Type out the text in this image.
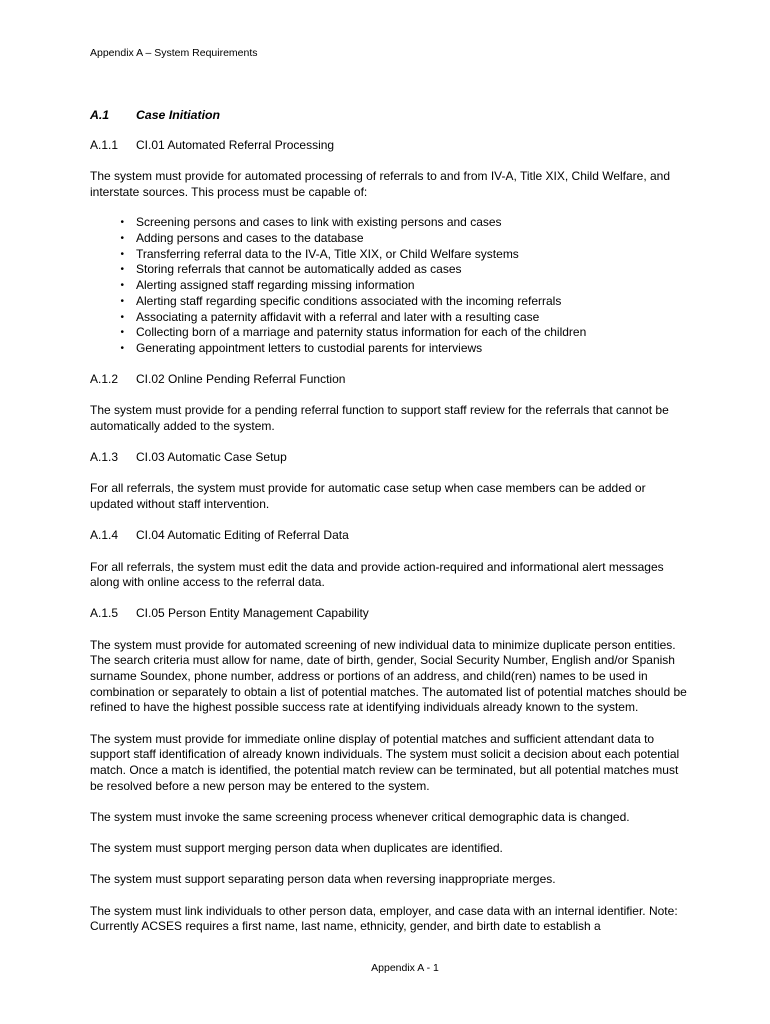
Appendix A – System Requirements
A.1	Case Initiation
A.1.1	CI.01 Automated Referral Processing

The system must provide for automated processing of referrals to and from IV-A, Title XIX, Child Welfare, and interstate sources. This process must be capable of:

•	Screening persons and cases to link with existing persons and cases
•	Adding persons and cases to the database
•	Transferring referral data to the IV-A, Title XIX, or Child Welfare systems
•	Storing referrals that cannot be automatically added as cases
•	Alerting assigned staff regarding missing information
•	Alerting staff regarding specific conditions associated with the incoming referrals
•	Associating a paternity affidavit with a referral and later with a resulting case
•	Collecting born of a marriage and paternity status information for each of the children
•	Generating appointment letters to custodial parents for interviews
A.1.2	CI.02 Online Pending Referral Function

The system must provide for a pending referral function to support staff review for the referrals that cannot be automatically added to the system.

A.1.3	CI.03 Automatic Case Setup

For all referrals, the system must provide for automatic case setup when case members can be added or updated without staff intervention.

A.1.4	CI.04 Automatic Editing of Referral Data

For all referrals, the system must edit the data and provide action-required and informational alert messages along with online access to the referral data.

A.1.5	CI.05 Person Entity Management Capability

The system must provide for automated screening of new individual data to minimize duplicate person entities. The search criteria must allow for name, date of birth, gender, Social Security Number, English and/or Spanish surname Soundex, phone number, address or portions of an address, and child(ren) names to be used in combination or separately to obtain a list of potential matches. The automated list of potential matches should be refined to have the highest possible success rate at identifying individuals already known to the system.

The system must provide for immediate online display of potential matches and sufficient attendant data to support staff identification of already known individuals. The system must solicit a decision about each potential match. Once a match is identified, the potential match review can be terminated, but all potential matches must be resolved before a new person may be entered to the system.

The system must invoke the same screening process whenever critical demographic data is changed.

The system must support merging person data when duplicates are identified.

The system must support separating person data when reversing inappropriate merges.

The system must link individuals to other person data, employer, and case data with an internal identifier. Note: Currently ACSES requires a first name, last name, ethnicity, gender, and birth date to establish a

Appendix A - 1
